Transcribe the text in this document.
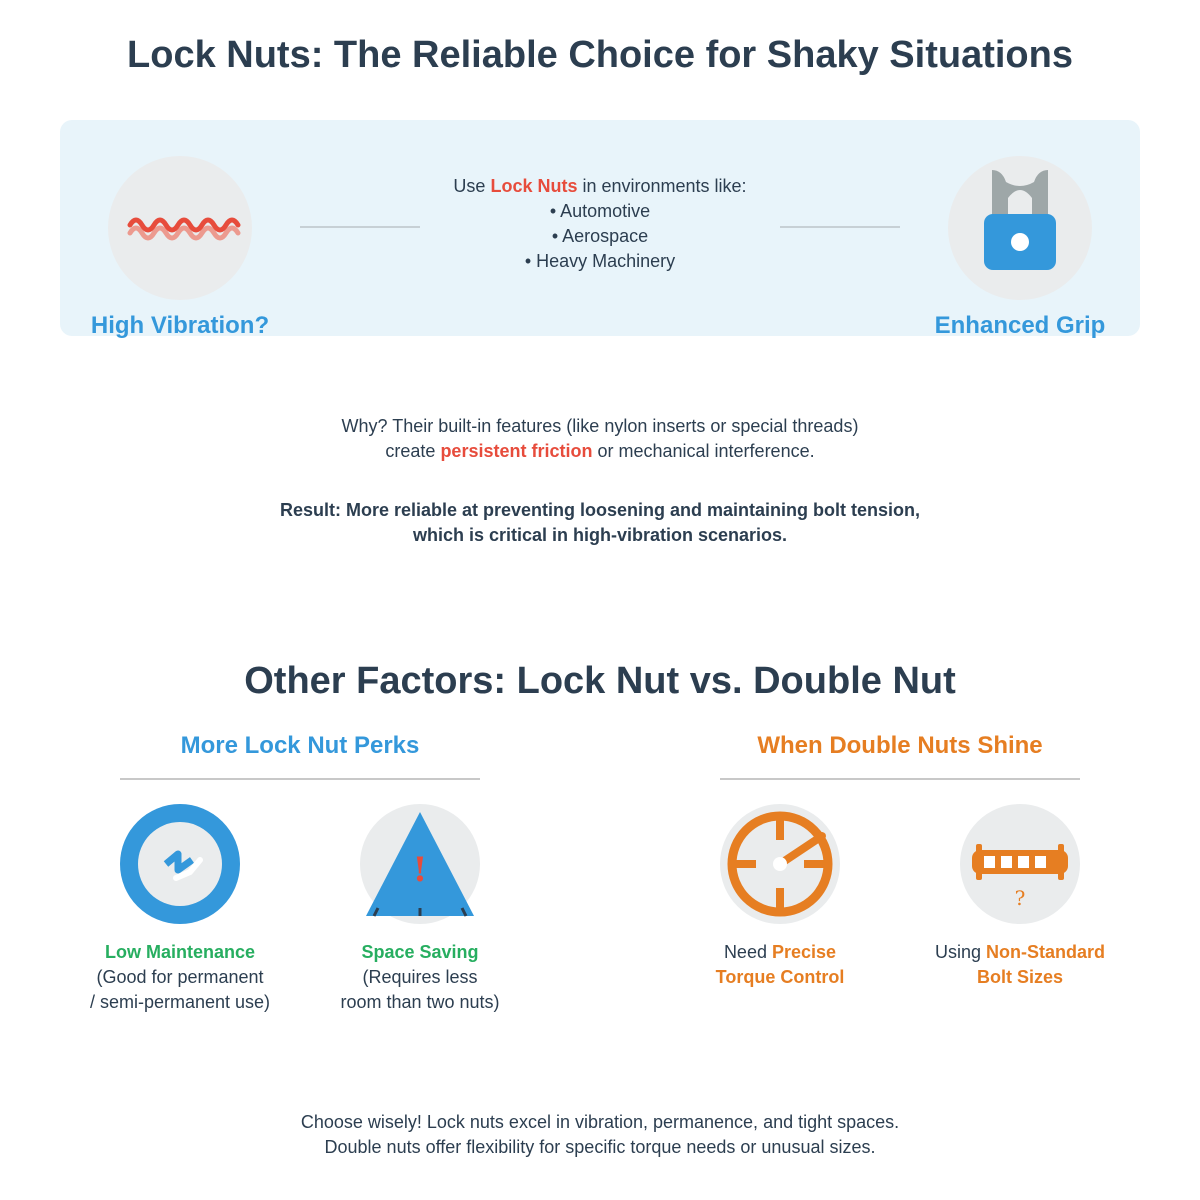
Lock Nuts: The Reliable Choice for Shaky Situations
High Vibration?
Use Lock Nuts in environments like:
• Automotive
• Aerospace
• Heavy Machinery
Enhanced Grip
Why? Their built-in features (like nylon inserts or special threads)
create persistent friction or mechanical interference.
Result: More reliable at preventing loosening and maintaining bolt tension,
which is critical in high-vibration scenarios.
Other Factors: Lock Nut vs. Double Nut
More Lock Nut Perks	When Double Nuts Shine
Low Maintenance
(Good for permanent
/ semi-permanent use)
!
Space Saving
(Requires less
room than two nuts)
Need Precise
Torque Control
?
Using Non-Standard
Bolt Sizes
Choose wisely! Lock nuts excel in vibration, permanence, and tight spaces.
Double nuts offer flexibility for specific torque needs or unusual sizes.
